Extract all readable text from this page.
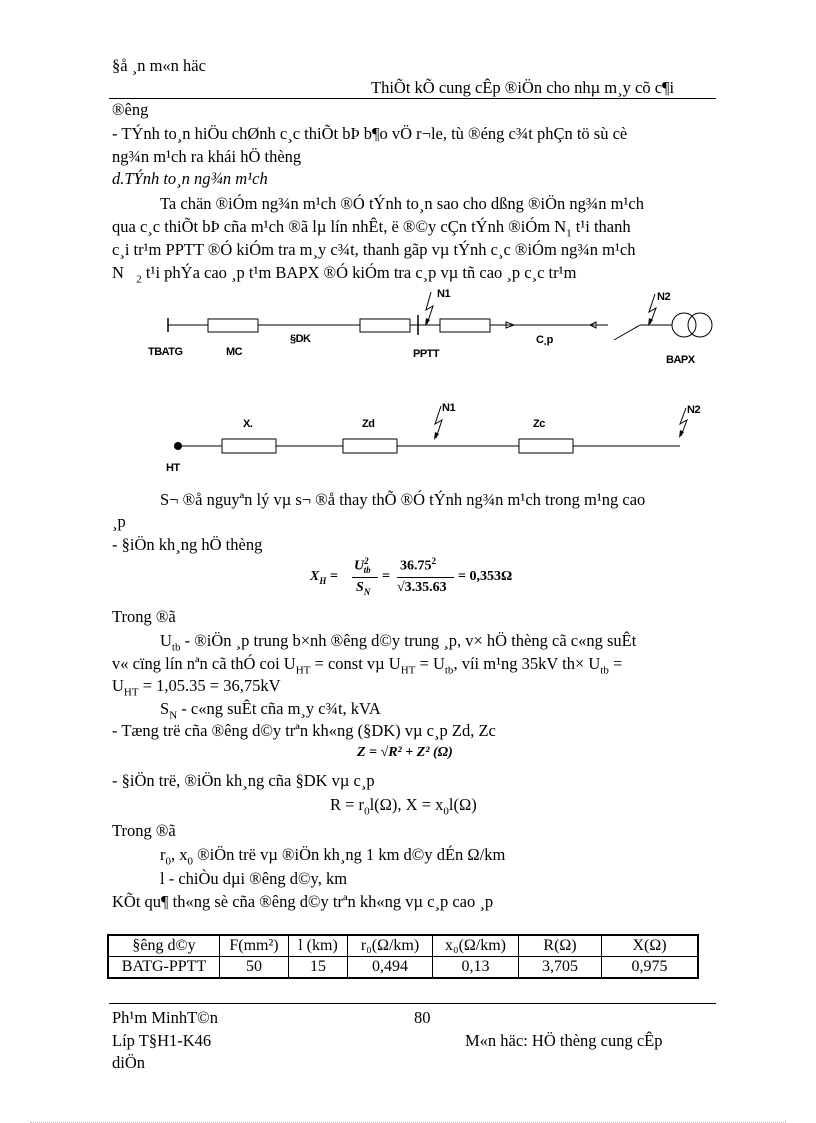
§å ¸n m«n häc
ThiÕt kÕ cung cÊp ®iÖn cho nhµ m¸y cõ c¶i
®êng
- TÝnh to¸n hiÖu chØnh c¸c thiÕt bÞ b¶o vÖ r¬le, tù ®éng c¾t phÇn tö sù cè
ng¾n m¹ch ra khái hÖ thèng
d.TÝnh to¸n ng¾n m¹ch
Ta chän ®iÓm ng¾n m¹ch ®Ó tÝnh to¸n sao cho dßng ®iÖn ng¾n m¹ch
qua c¸c thiÕt bÞ cña m¹ch ®ã lµ lín nhÊt, ë ®©y cÇn tÝnh ®iÓm $N_1$ t¹i thanh
c¸i tr¹m PPTT ®Ó kiÓm tra m¸y c¾t, thanh gãp vµ tÝnh c¸c ®iÓm ng¾n m¹ch
N $_2$ t¹i phÝa cao ¸p t¹m BAPX ®Ó kiÓm tra c¸p vµ tñ cao ¸p c¸c tr¹m
TBATG	MC
§DK
PPTT
N1
C¸p
N2
BAPX
X.	Zd
N1
Zc
N2
HT
S¬ ®å nguyªn lý vµ s¬ ®å thay thÕ ®Ó tÝnh ng¾n m¹ch trong m¹ng cao
¸p
- §iÖn kh¸ng hÖ thèng
$X_H$ =
$U^2_{tb}$
$S_N$
=
$36.75^2$
√3.35.63
= 0,353Ω
Trong ®ã
$U_{tb}$ - ®iÖn ¸p trung b×nh ®êng d©y trung ¸p, v× hÖ thèng cã c«ng suÊt
v« cïng lín nªn cã thÓ coi $U_{HT}$ = const vµ $U_{HT} = U_{tb}$, víi m¹ng 35kV $th\times U_{tb}$ =
$U_{HT} = 1,05.35 = 36,75kV$
$S_N$ - c«ng suÊt cña m¸y c¾t, kVA
- Tæng trë cña ®êng d©y trªn kh«ng (§DK) vµ c¸p Zd, Zc
Z = √R² + Z² (Ω)
- §iÖn trë, ®iÖn kh¸ng cña §DK vµ c¸p
$R = r_0l(\Omega)$, $X = x_0l(\Omega)$
Trong ®ã
$r_0$, $x_0$ ®iÖn trë vµ ®iÖn kh¸ng 1 km d©y dÉn Ω/km
l - chiÒu dµi ®êng d©y, km
KÕt qu¶ th«ng sè cña ®êng d©y trªn kh«ng vµ c¸p cao ¸p
§êng d©y	F(mm²)	l (km)	r₀(Ω/km)	x₀(Ω/km)	R(Ω)	X(Ω)
BATG-PPTT	50	15	0,494	0,13	3,705	0,975
Ph¹m MinhT©n	80
Líp T§H1-K46	M«n häc: HÖ thèng cung cÊp
diÖn
